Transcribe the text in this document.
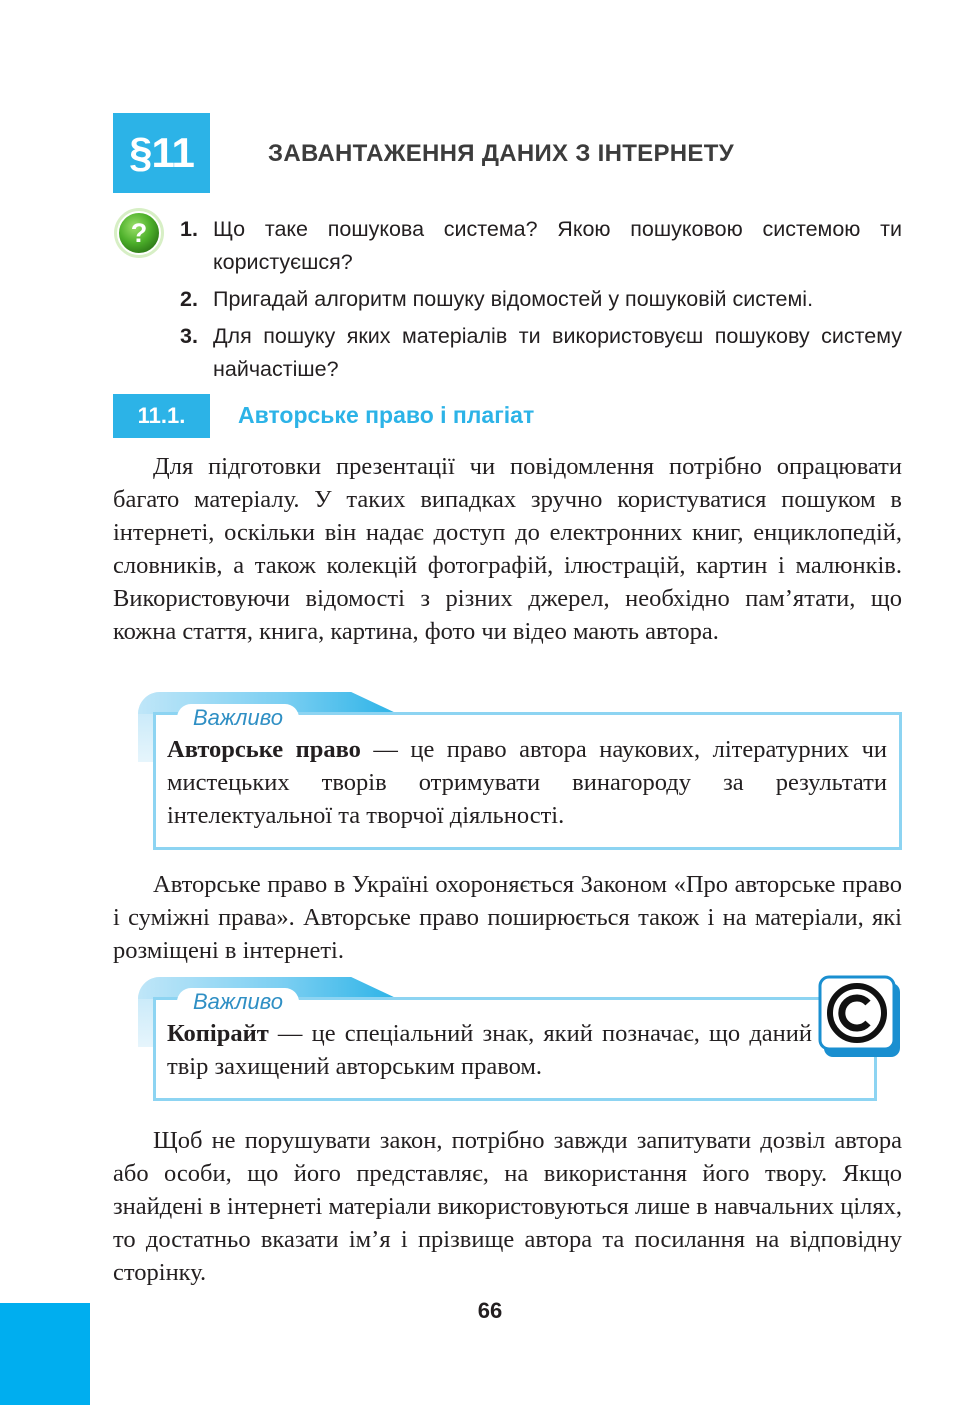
§11	ЗАВАНТАЖЕННЯ ДАНИХ З ІНТЕРНЕТУ
? 1. Що таке пошукова система? Якою пошуковою системою ти користуєшся?
2. Пригадай алгоритм пошуку відомостей у пошуковій системі.
3. Для пошуку яких матеріалів ти використовуєш пошукову систему найчастіше?
11.1.	Авторське право і плагіат

Для підготовки презентації чи повідомлення потрібно опрацювати багато матеріалу. У таких випадках зручно користуватися пошуком в інтернеті, оскільки він надає доступ до електронних книг, енциклопедій, словників, а також колекцій фотографій, ілюстрацій, картин і малюнків. Використовуючи відомості з різних джерел, необхідно пам’ятати, що кожна стаття, книга, картина, фото чи відео мають автора.

Важливо

Авторське право — це право автора наукових, літературних чи мистецьких творів отримувати винагороду за результати інтелектуальної та творчої діяльності.

Авторське право в Україні охороняється Законом «Про авторське право і суміжні права». Авторське право поширюється також і на матеріали, які розміщені в інтернеті.

Важливо

Копірайт — це спеціальний знак, який позначає, що даний твір захищений авторським правом.

Щоб не порушувати закон, потрібно завжди запитувати дозвіл автора або особи, що його представляє, на використання його твору. Якщо знайдені в інтернеті матеріали використовуються лише в навчальних цілях, то достатньо вказати ім’я і прізвище автора та посилання на відповідну сторінку.

66
